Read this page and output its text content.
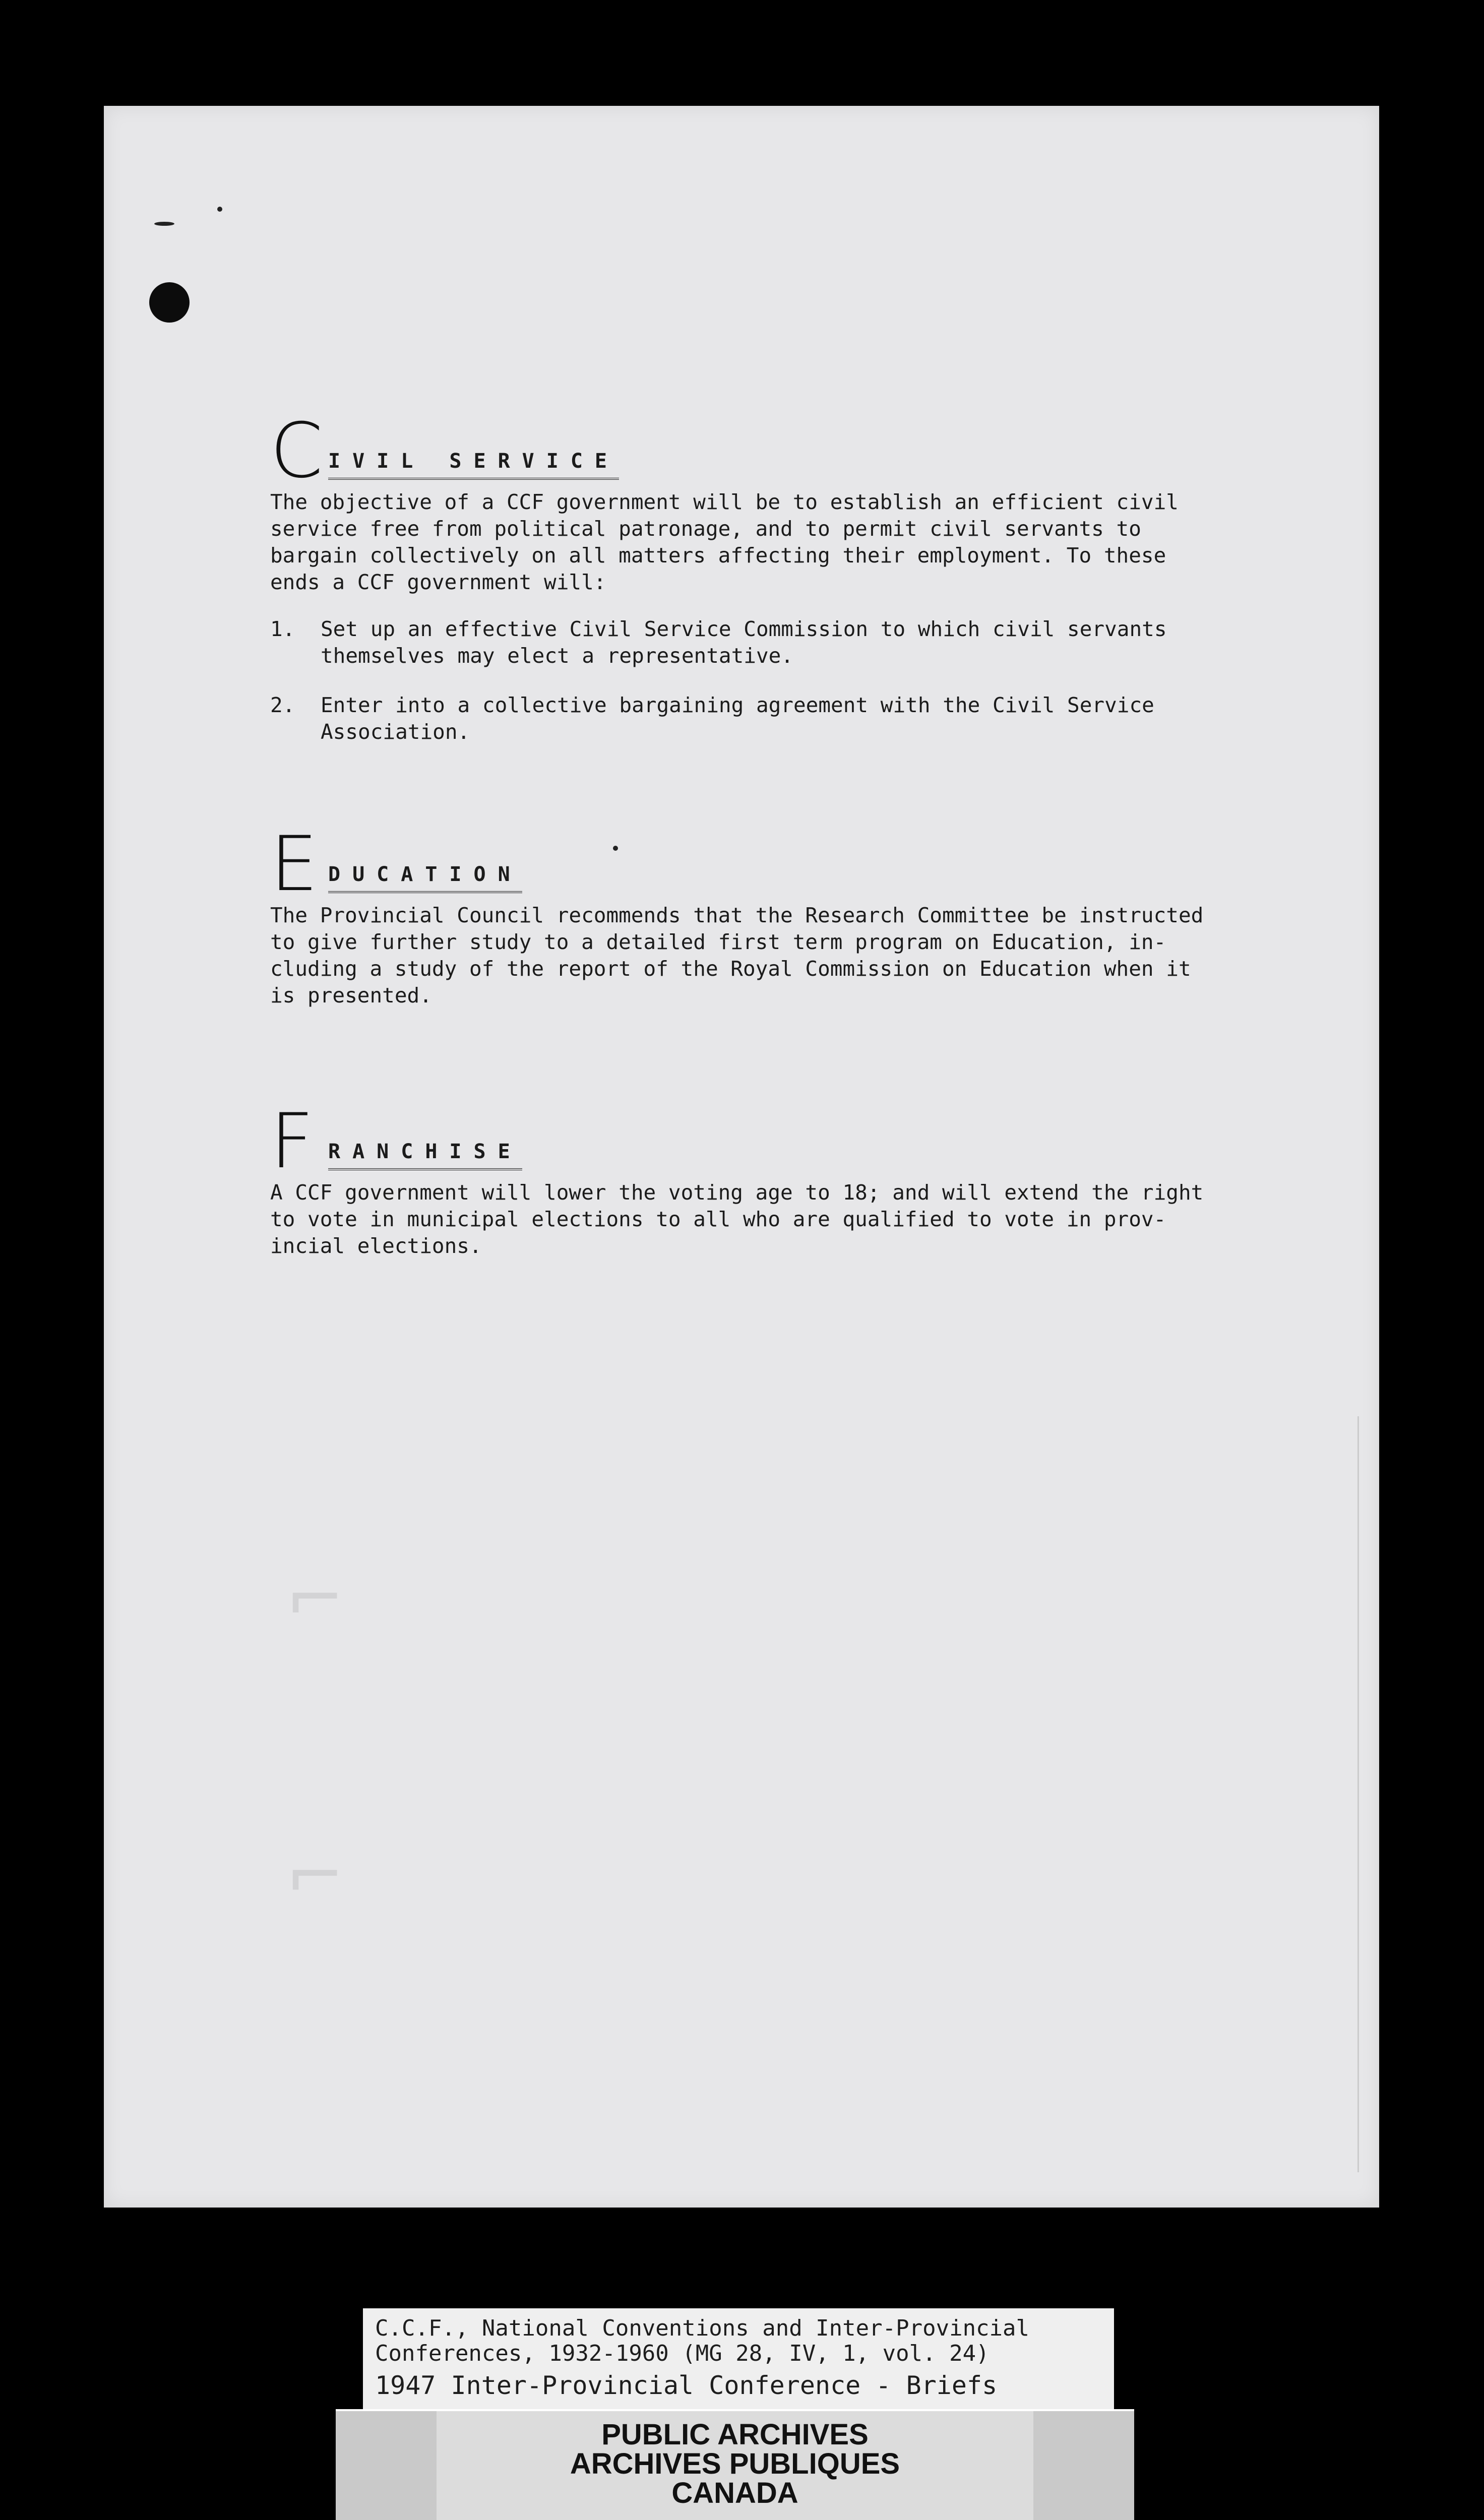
C IVIL SERVICE

The objective of a CCF government will be to establish an efficient civil
service free from political patronage, and to permit civil servants to
bargain collectively on all matters affecting their employment. To these
ends a CCF government will:

1.	Set up an effective Civil Service Commission to which civil servants
themselves may elect a representative.
2.	Enter into a collective bargaining agreement with the Civil Service
Association.
E DUCATION

The Provincial Council recommends that the Research Committee be instructed
to give further study to a detailed first term program on Education, in-
cluding a study of the report of the Royal Commission on Education when it
is presented.

F RANCHISE

A CCF government will lower the voting age to 18; and will extend the right
to vote in municipal elections to all who are qualified to vote in prov-
incial elections.

⌐
⌐
C.C.F., National Conventions and Inter-Provincial
Conferences, 1932-1960 (MG 28, IV, 1, vol. 24)
1947 Inter-Provincial Conference - Briefs
PUBLIC ARCHIVES
ARCHIVES PUBLIQUES
CANADA
